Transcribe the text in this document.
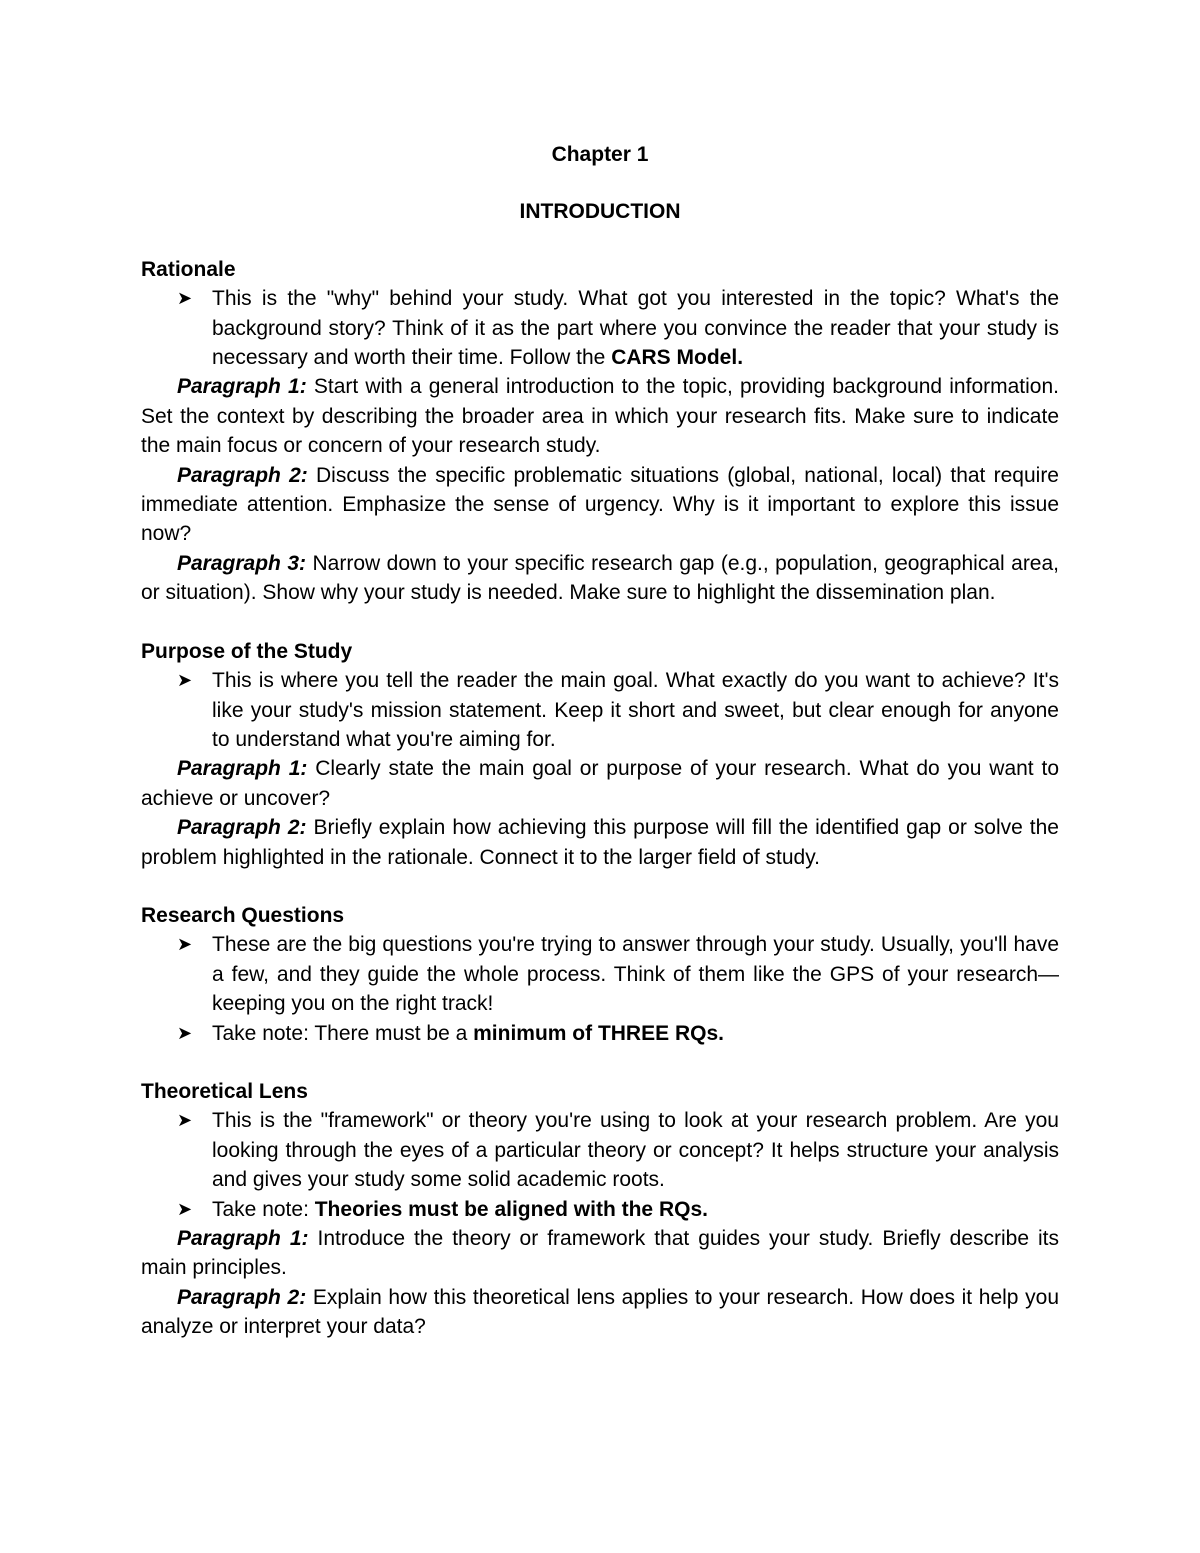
Chapter 1

INTRODUCTION

Rationale

➤ This is the "why" behind your study. What got you interested in the topic? What's the background story? Think of it as the part where you convince the reader that your study is necessary and worth their time. Follow the CARS Model.

Paragraph 1: Start with a general introduction to the topic, providing background information. Set the context by describing the broader area in which your research fits. Make sure to indicate the main focus or concern of your research study.

Paragraph 2: Discuss the specific problematic situations (global, national, local) that require immediate attention. Emphasize the sense of urgency. Why is it important to explore this issue now?

Paragraph 3: Narrow down to your specific research gap (e.g., population, geographical area, or situation). Show why your study is needed. Make sure to highlight the dissemination plan.

Purpose of the Study

➤ This is where you tell the reader the main goal. What exactly do you want to achieve? It's like your study's mission statement. Keep it short and sweet, but clear enough for anyone to understand what you're aiming for.

Paragraph 1: Clearly state the main goal or purpose of your research. What do you want to achieve or uncover?

Paragraph 2: Briefly explain how achieving this purpose will fill the identified gap or solve the problem highlighted in the rationale. Connect it to the larger field of study.

Research Questions

➤ These are the big questions you're trying to answer through your study. Usually, you'll have a few, and they guide the whole process. Think of them like the GPS of your research—keeping you on the right track!

➤ Take note: There must be a minimum of THREE RQs.

Theoretical Lens

➤ This is the "framework" or theory you're using to look at your research problem. Are you looking through the eyes of a particular theory or concept? It helps structure your analysis and gives your study some solid academic roots.

➤ Take note: Theories must be aligned with the RQs.

Paragraph 1: Introduce the theory or framework that guides your study. Briefly describe its main principles.

Paragraph 2: Explain how this theoretical lens applies to your research. How does it help you analyze or interpret your data?
